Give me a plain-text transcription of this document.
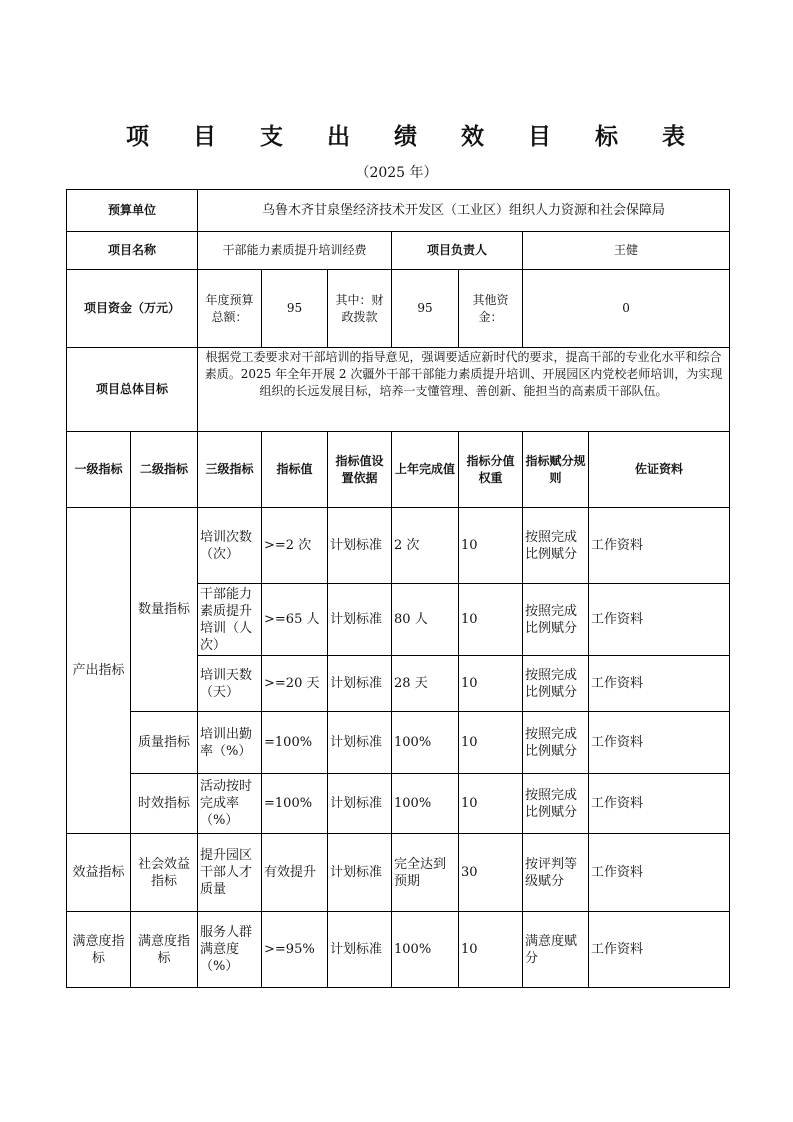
项 目 支 出 绩 效 目 标 表
（2025 年）
预算单位		乌鲁木齐甘泉堡经济技术开发区（工业区）组织人力资源和社会保障局						
项目名称		干部能力素质提升培训经费			项目负责人		王健	
项目资金（万元）		年度预算总额：	95	其中：财政拨款	95	其他资金：	0	
项目总体目标		根据党工委要求对干部培训的指导意见，强调要适应新时代的要求，提高干部的专业化水平和综合素质。2025 年全年开展 2 次疆外干部干部能力素质提升培训、开展园区内党校老师培训，为实现组织的长远发展目标，培养一支懂管理、善创新、能担当的高素质干部队伍。						
一级指标	二级指标	三级指标	指标值	指标值设置依据	上年完成值	指标分值权重	指标赋分规则	佐证资料
产出指标	数量指标	培训次数（次）	>=2 次	计划标准	2 次	10	按照完成比例赋分	工作资料
		干部能力素质提升培训（人次）	>=65 人	计划标准	80 人	10	按照完成比例赋分	工作资料
		培训天数（天）	>=20 天	计划标准	28 天	10	按照完成比例赋分	工作资料
	质量指标	培训出勤率（%）	=100%	计划标准	100%	10	按照完成比例赋分	工作资料
	时效指标	活动按时完成率（%）	=100%	计划标准	100%	10	按照完成比例赋分	工作资料
效益指标	社会效益指标	提升园区干部人才质量	有效提升	计划标准	完全达到预期	30	按评判等级赋分	工作资料
满意度指标	满意度指标	服务人群满意度（%）	>=95%	计划标准	100%	10	满意度赋分	工作资料
